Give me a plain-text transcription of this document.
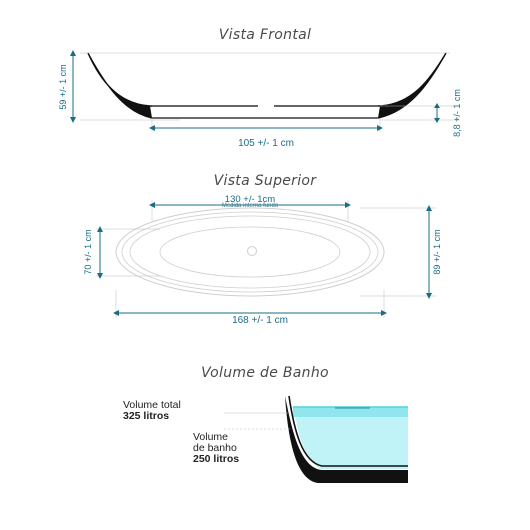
Vista Frontal
Vista Superior
Volume de Banho
59 +/- 1 cm
8,8 +/- 1 cm
105 +/- 1 cm
130 +/- 1cm
Medida interna fundo
70 +/- 1 cm	89 +/- 1 cm
168 +/- 1 cm
Volume total
325 litros
Volume
de banho
250 litros
